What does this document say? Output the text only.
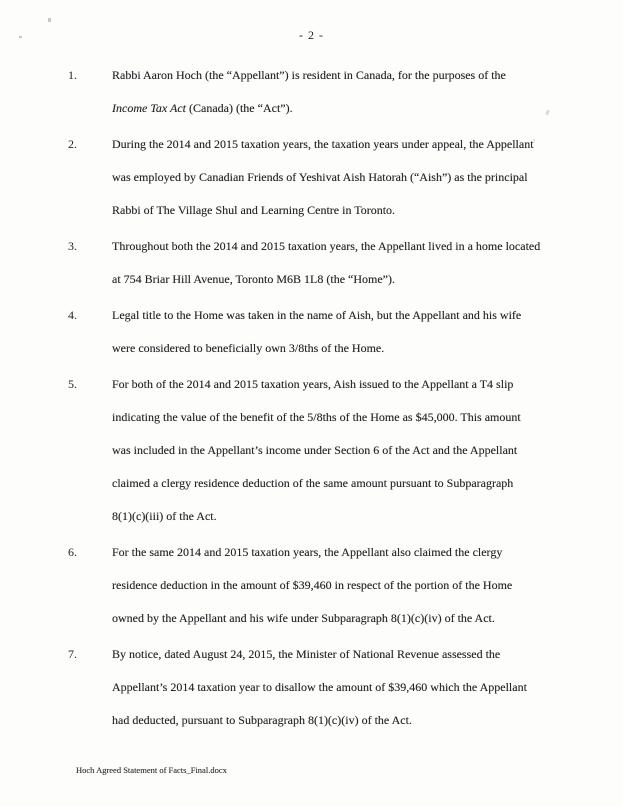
- 2 -
1.	Rabbi Aaron Hoch (the “Appellant”) is resident in Canada, for the purposes of the
Income Tax Act (Canada) (the “Act”).
2.	During the 2014 and 2015 taxation years, the taxation years under appeal, the Appellant
was employed by Canadian Friends of Yeshivat Aish Hatorah (“Aish”) as the principal
Rabbi of The Village Shul and Learning Centre in Toronto.
3.	Throughout both the 2014 and 2015 taxation years, the Appellant lived in a home located
at 754 Briar Hill Avenue, Toronto M6B 1L8 (the “Home”).
4.	Legal title to the Home was taken in the name of Aish, but the Appellant and his wife
were considered to beneficially own 3/8ths of the Home.
5.	For both of the 2014 and 2015 taxation years, Aish issued to the Appellant a T4 slip
indicating the value of the benefit of the 5/8ths of the Home as $45,000. This amount
was included in the Appellant’s income under Section 6 of the Act and the Appellant
claimed a clergy residence deduction of the same amount pursuant to Subparagraph
8(1)(c)(iii) of the Act.
6.	For the same 2014 and 2015 taxation years, the Appellant also claimed the clergy
residence deduction in the amount of $39,460 in respect of the portion of the Home
owned by the Appellant and his wife under Subparagraph 8(1)(c)(iv) of the Act.
7.	By notice, dated August 24, 2015, the Minister of National Revenue assessed the
Appellant’s 2014 taxation year to disallow the amount of $39,460 which the Appellant
had deducted, pursuant to Subparagraph 8(1)(c)(iv) of the Act.
Hoch Agreed Statement of Facts_Final.docx
